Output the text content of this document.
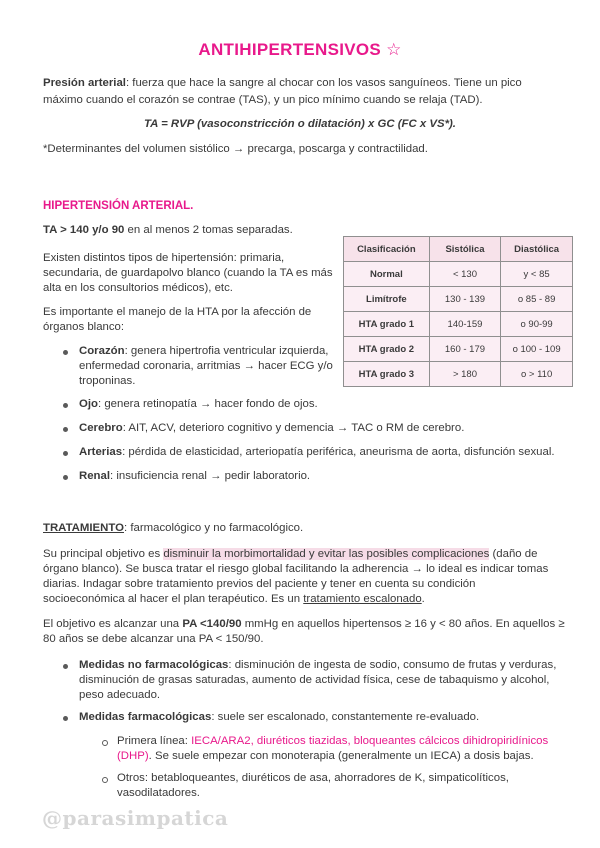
ANTIHIPERTENSIVOS ☆

Presión arterial: fuerza que hace la sangre al chocar con los vasos sanguíneos. Tiene un pico

máximo cuando el corazón se contrae (TAS), y un pico mínimo cuando se relaja (TAD).

TA = RVP (vasoconstricción o dilatación) x GC (FC x VS*).

*Determinantes del volumen sistólico → precarga, poscarga y contractilidad.

HIPERTENSIÓN ARTERIAL.

TA > 140 y/o 90 en al menos 2 tomas separadas.

Existen distintos tipos de hipertensión: primaria,

secundaria, de guardapolvo blanco (cuando la TA es más

alta en los consultorios médicos), etc.

Es importante el manejo de la HTA por la afección de

órganos blanco:

Corazón: genera hipertrofia ventricular izquierda,

enfermedad coronaria, arritmias → hacer ECG y/o

troponinas.

Ojo: genera retinopatía → hacer fondo de ojos.

Cerebro: AIT, ACV, deterioro cognitivo y demencia → TAC o RM de cerebro.

Arterias: pérdida de elasticidad, arteriopatía periférica, aneurisma de aorta, disfunción sexual.

Renal: insuficiencia renal → pedir laboratorio.

Clasificación	Sistólica	Diastólica
Normal	< 130	y < 85
Limítrofe	130 - 139	o 85 - 89
HTA grado 1	140-159	o 90-99
HTA grado 2	160 - 179	o 100 - 109
HTA grado 3	> 180	o > 110

TRATAMIENTO: farmacológico y no farmacológico.

Su principal objetivo es disminuir la morbimortalidad y evitar las posibles complicaciones (daño de

órgano blanco). Se busca tratar el riesgo global facilitando la adherencia → lo ideal es indicar tomas

diarias. Indagar sobre tratamiento previos del paciente y tener en cuenta su condición

socioeconómica al hacer el plan terapéutico. Es un tratamiento escalonado.

El objetivo es alcanzar una PA <140/90 mmHg en aquellos hipertensos ≥ 16 y < 80 años. En aquellos ≥

80 años se debe alcanzar una PA < 150/90.

Medidas no farmacológicas: disminución de ingesta de sodio, consumo de frutas y verduras,

disminución de grasas saturadas, aumento de actividad física, cese de tabaquismo y alcohol,

peso adecuado.

Medidas farmacológicas: suele ser escalonado, constantemente re-evaluado.

Primera línea: IECA/ARA2, diuréticos tiazidas, bloqueantes cálcicos dihidropiridínicos

(DHP). Se suele empezar con monoterapia (generalmente un IECA) a dosis bajas.

Otros: betabloqueantes, diuréticos de asa, ahorradores de K, simpaticolíticos,

vasodilatadores.

@parasimpatica
